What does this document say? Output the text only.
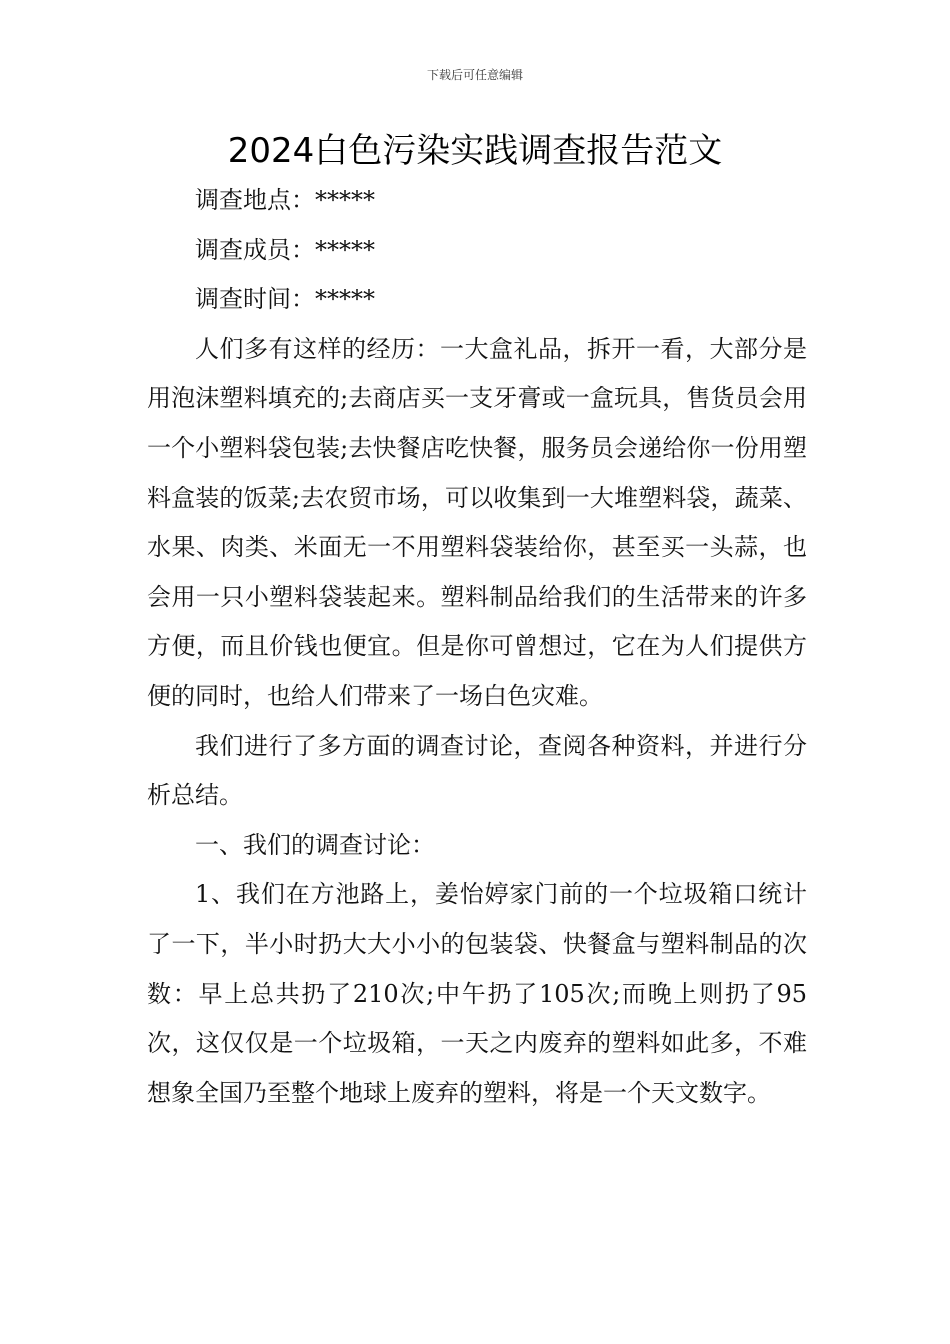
下载后可任意编辑
2024白色污染实践调查报告范文

调查地点：*****

调查成员：*****

调查时间：*****

人们多有这样的经历：一大盒礼品，拆开一看，大部分是用泡沫塑料填充的;去商店买一支牙膏或一盒玩具，售货员会用一个小塑料袋包装;去快餐店吃快餐，服务员会递给你一份用塑料盒装的饭菜;去农贸市场，可以收集到一大堆塑料袋，蔬菜、水果、肉类、米面无一不用塑料袋装给你，甚至买一头蒜，也会用一只小塑料袋装起来。塑料制品给我们的生活带来的许多方便，而且价钱也便宜。但是你可曾想过，它在为人们提供方便的同时，也给人们带来了一场白色灾难。

我们进行了多方面的调查讨论，查阅各种资料，并进行分析总结。

一、我们的调查讨论：

1、我们在方池路上，姜怡婷家门前的一个垃圾箱口统计了一下，半小时扔大大小小的包装袋、快餐盒与塑料制品的次数：早上总共扔了210次;中午扔了105次;而晚上则扔了95次，这仅仅是一个垃圾箱，一天之内废弃的塑料如此多，不难想象全国乃至整个地球上废弃的塑料，将是一个天文数字。
